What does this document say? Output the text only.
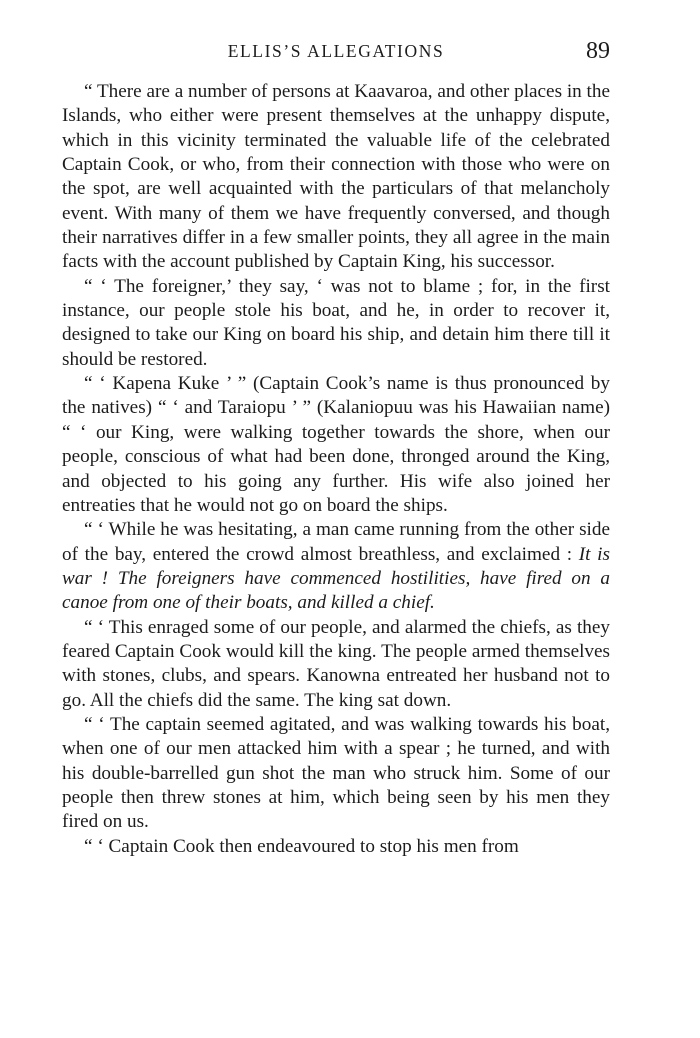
ELLIS’S ALLEGATIONS	89

“ There are a number of persons at Kaavaroa, and other places in the Islands, who either were present themselves at the unhappy dispute, which in this vicinity terminated the valuable life of the celebrated Captain Cook, or who, from their connection with those who were on the spot, are well acquainted with the particulars of that melancholy event. With many of them we have frequently conversed, and though their narratives differ in a few smaller points, they all agree in the main facts with the account published by Captain King, his successor.

“ ‘ The foreigner,’ they say, ‘ was not to blame ; for, in the first instance, our people stole his boat, and he, in order to recover it, designed to take our King on board his ship, and detain him there till it should be restored.

“ ‘ Kapena Kuke ’ ” (Captain Cook’s name is thus pronounced by the natives) “ ‘ and Taraiopu ’ ” (Kalaniopuu was his Hawaiian name) “ ‘ our King, were walking together towards the shore, when our people, conscious of what had been done, thronged around the King, and objected to his going any further. His wife also joined her entreaties that he would not go on board the ships.

“ ‘ While he was hesitating, a man came running from the other side of the bay, entered the crowd almost breathless, and exclaimed : It is war ! The foreigners have commenced hostilities, have fired on a canoe from one of their boats, and killed a chief.

“ ‘ This enraged some of our people, and alarmed the chiefs, as they feared Captain Cook would kill the king. The people armed themselves with stones, clubs, and spears. Kanowna entreated her husband not to go. All the chiefs did the same. The king sat down.

“ ‘ The captain seemed agitated, and was walking towards his boat, when one of our men attacked him with a spear ; he turned, and with his double-barrelled gun shot the man who struck him. Some of our people then threw stones at him, which being seen by his men they fired on us.

“ ‘ Captain Cook then endeavoured to stop his men from
